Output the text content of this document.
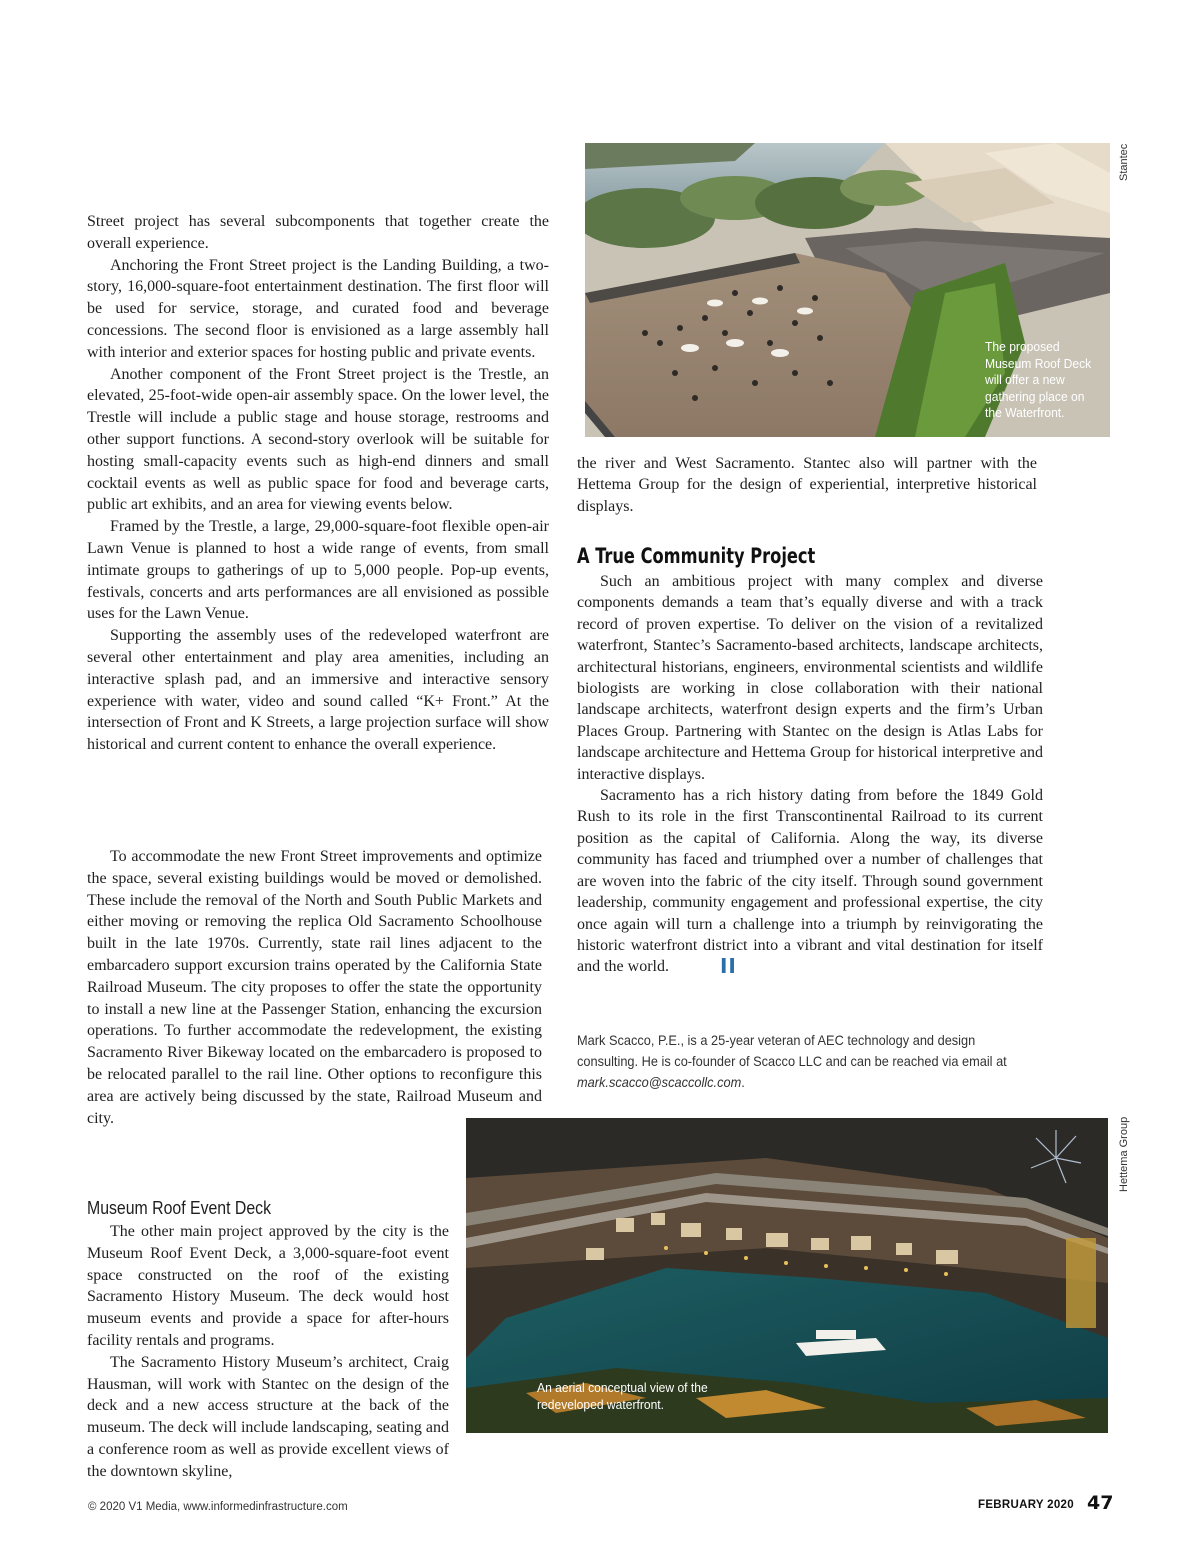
The proposed Museum Roof Deck will offer a new gathering place on the Waterfront.
Stantec

Street project has several subcomponents that together create the overall experience.

Anchoring the Front Street project is the Landing Building, a two-story, 16,000-square-foot entertainment destination. The first floor will be used for service, storage, and curated food and beverage concessions. The second floor is envisioned as a large assembly hall with interior and exterior spaces for hosting public and private events.

Another component of the Front Street project is the Trestle, an elevated, 25-foot-wide open-air assembly space. On the lower level, the Trestle will include a public stage and house storage, restrooms and other support functions. A second-story overlook will be suitable for hosting small-capacity events such as high-end dinners and small cocktail events as well as public space for food and beverage carts, public art exhibits, and an area for viewing events below.

Framed by the Trestle, a large, 29,000-square-foot flexible open-air Lawn Venue is planned to host a wide range of events, from small intimate groups to gatherings of up to 5,000 people. Pop-up events, festivals, concerts and arts performances are all envisioned as possible uses for the Lawn Venue.

Supporting the assembly uses of the redeveloped waterfront are several other entertainment and play area amenities, including an interactive splash pad, and an immersive and interactive sensory experience with water, video and sound called “K+ Front.” At the intersection of Front and K Streets, a large projection surface will show historical and current content to enhance the overall experience.

To accommodate the new Front Street improvements and optimize the space, several existing buildings would be moved or demolished. These include the removal of the North and South Public Markets and either moving or removing the replica Old Sacramento Schoolhouse built in the late 1970s. Currently, state rail lines adjacent to the embarcadero support excursion trains operated by the California State Railroad Museum. The city proposes to offer the state the opportunity to install a new line at the Passenger Station, enhancing the excursion operations. To further accommodate the redevelopment, the existing Sacramento River Bikeway located on the embarcadero is proposed to be relocated parallel to the rail line. Other options to reconfigure this area are actively being discussed by the state, Railroad Museum and city.

Museum Roof Event Deck

The other main project approved by the city is the Museum Roof Event Deck, a 3,000-square-foot event space constructed on the roof of the existing Sacramento History Museum. The deck would host museum events and provide a space for after-hours facility rentals and programs.

The Sacramento History Museum’s architect, Craig Hausman, will work with Stantec on the design of the deck and a new access structure at the back of the museum. The deck will include landscaping, seating and a conference room as well as provide excellent views of the downtown skyline,

the river and West Sacramento. Stantec also will partner with the Hettema Group for the design of experiential, interpretive historical displays.

A True Community Project

Such an ambitious project with many complex and diverse components demands a team that’s equally diverse and with a track record of proven expertise. To deliver on the vision of a revitalized waterfront, Stantec’s Sacramento-based architects, landscape architects, architectural historians, engineers, environmental scientists and wildlife biologists are working in close collaboration with their national landscape architects, waterfront design experts and the firm’s Urban Places Group. Partnering with Stantec on the design is Atlas Labs for landscape architecture and Hettema Group for historical interpretive and interactive displays.

Sacramento has a rich history dating from before the 1849 Gold Rush to its role in the first Transcontinental Railroad to its current position as the capital of California. Along the way, its diverse community has faced and triumphed over a number of challenges that are woven into the fabric of the city itself. Through sound government leadership, community engagement and professional expertise, the city once again will turn a challenge into a triumph by reinvigorating the historic waterfront district into a vibrant and vital destination for itself and the world.	II

Mark Scacco, P.E., is a 25-year veteran of AEC technology and design consulting. He is co-founder of Scacco LLC and can be reached via email at mark.scacco@scaccollc.com.
An aerial conceptual view of the redeveloped waterfront.
Hettema Group
© 2020 V1 Media, www.informedinfrastructure.com	FEBRUARY 2020 47
